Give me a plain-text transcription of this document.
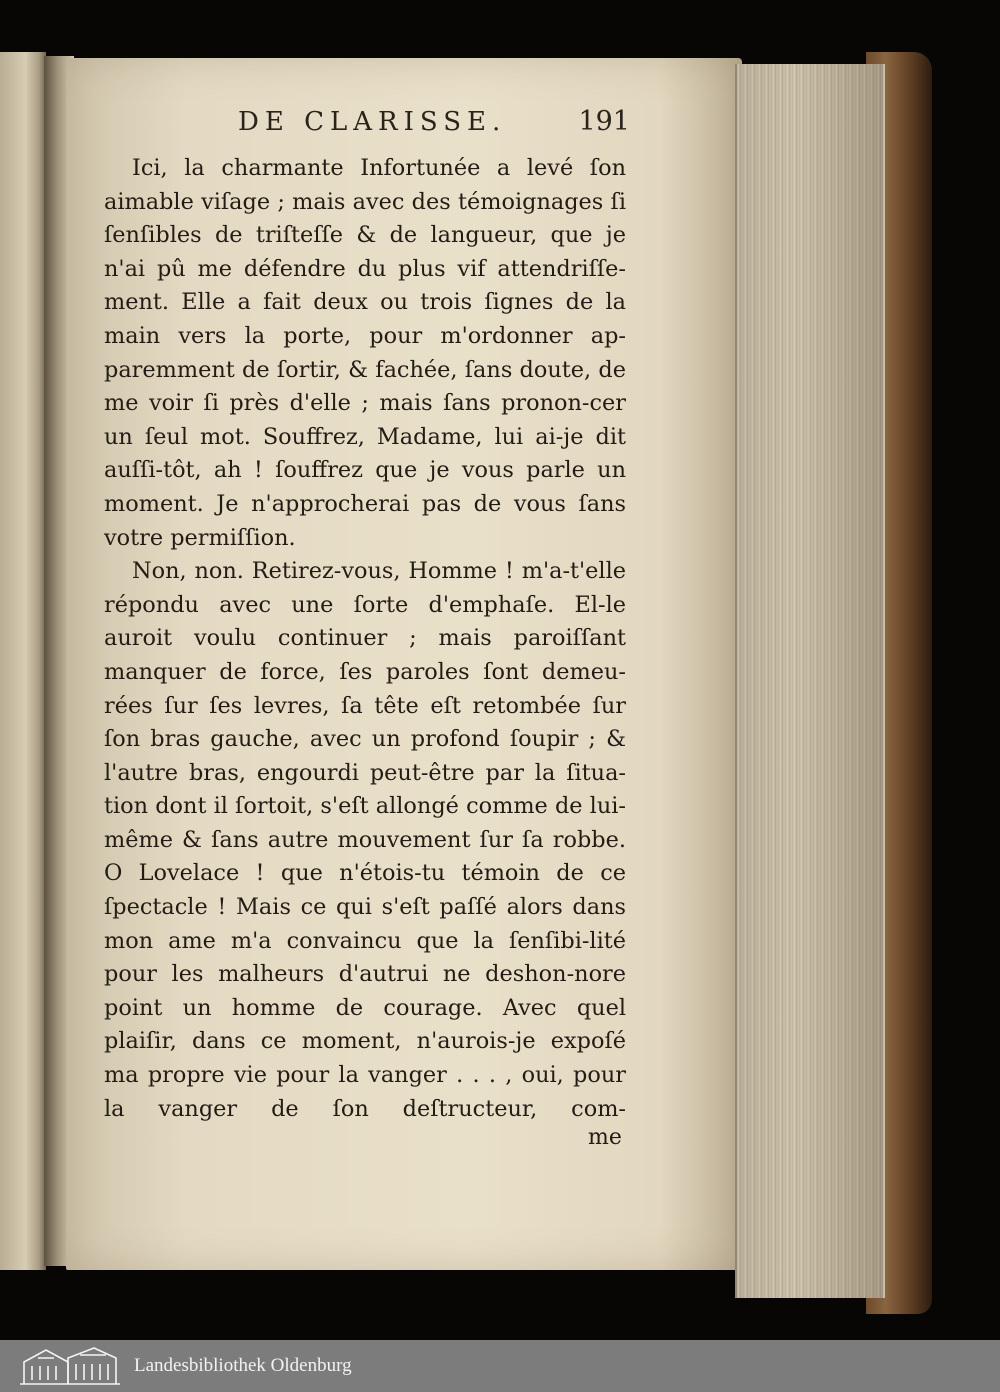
DE CLARISSE.	191

Ici, la charmante Infortunée a levé ſon aimable viſage ; mais avec des témoignages ſi ſenſibles de triſteſſe & de langueur, que je n'ai pû me défendre du plus vif attendriſſe-ment. Elle a fait deux ou trois ſignes de la main vers la porte, pour m'ordonner ap-paremment de ſortir, & fachée, ſans doute, de me voir ſi près d'elle ; mais ſans pronon-cer un ſeul mot. Souffrez, Madame, lui ai-je dit auſſi-tôt, ah ! ſouffrez que je vous parle un moment. Je n'approcherai pas de vous ſans votre permiſſion.

Non, non. Retirez-vous, Homme ! m'a-t'elle répondu avec une ſorte d'emphaſe. El-le auroit voulu continuer ; mais paroiſſant manquer de force, ſes paroles ſont demeu-rées ſur ſes levres, ſa tête eſt retombée ſur ſon bras gauche, avec un profond ſoupir ; & l'autre bras, engourdi peut-être par la ſitua-tion dont il ſortoit, s'eſt allongé comme de lui-même & ſans autre mouvement ſur ſa robbe. O Lovelace ! que n'étois-tu témoin de ce ſpectacle ! Mais ce qui s'eſt paſſé alors dans mon ame m'a convaincu que la ſenſibi-lité pour les malheurs d'autrui ne deshon-nore point un homme de courage. Avec quel plaiſir, dans ce moment, n'aurois-je expoſé ma propre vie pour la vanger . . . , oui, pour la vanger de ſon deſtructeur, com-

me
Landesbibliothek Oldenburg
